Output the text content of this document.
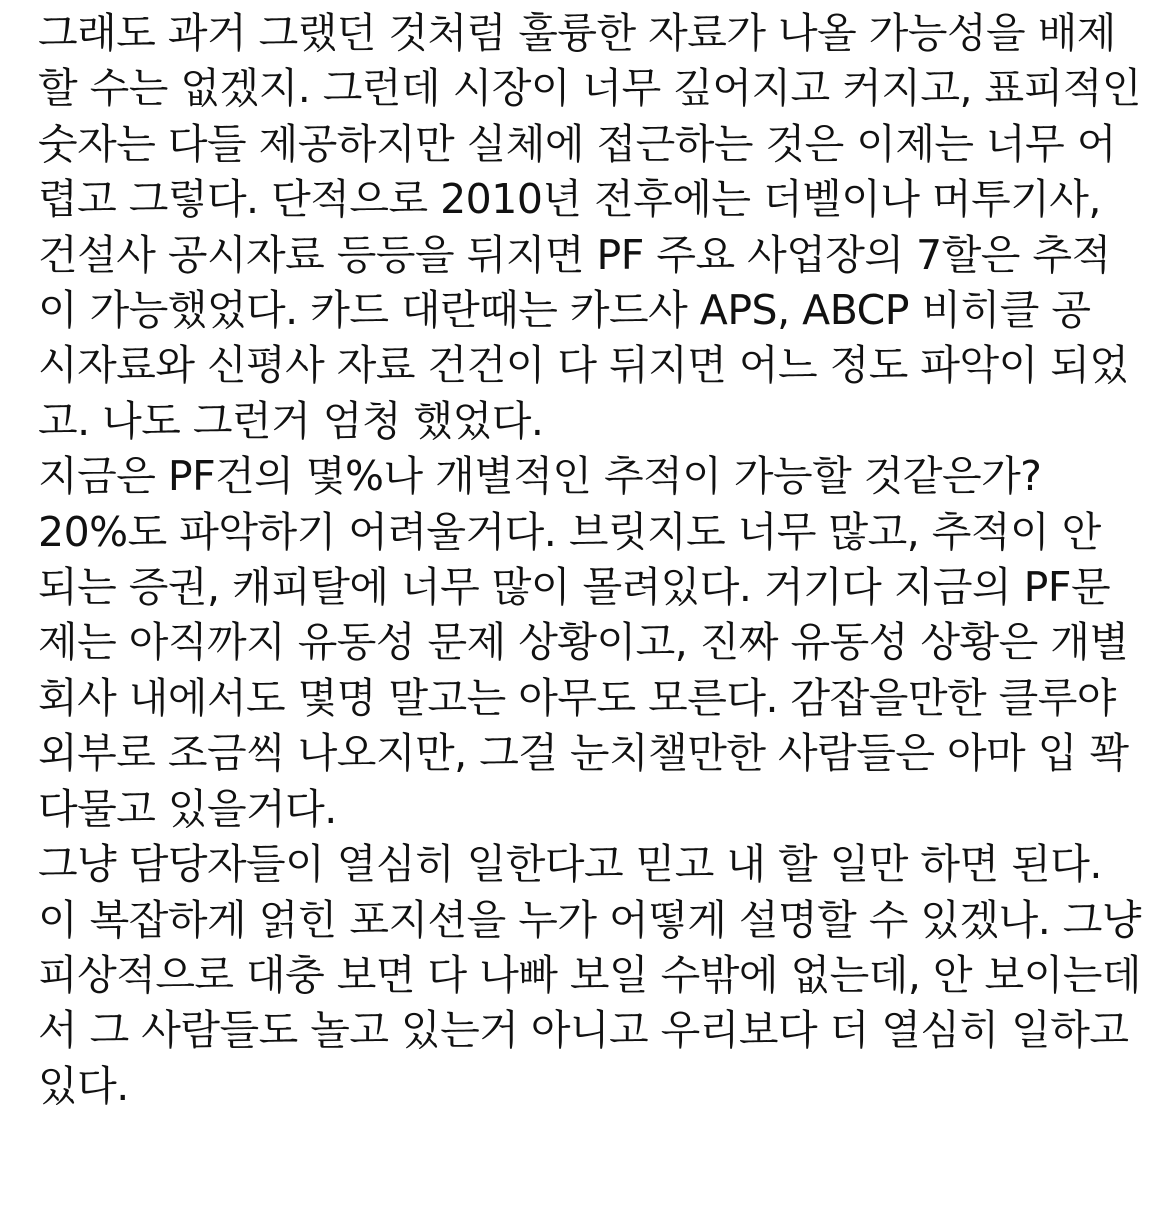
그래도 과거 그랬던 것처럼 훌륭한 자료가 나올 가능성을 배제
할 수는 없겠지. 그런데 시장이 너무 깊어지고 커지고, 표피적인
숫자는 다들 제공하지만 실체에 접근하는 것은 이제는 너무 어
렵고 그렇다. 단적으로 2010년 전후에는 더벨이나 머투기사,
건설사 공시자료 등등을 뒤지면 PF 주요 사업장의 7할은 추적
이 가능했었다. 카드 대란때는 카드사 APS, ABCP 비히클 공
시자료와 신평사 자료 건건이 다 뒤지면 어느 정도 파악이 되었
고. 나도 그런거 엄청 했었다.
지금은 PF건의 몇%나 개별적인 추적이 가능할 것같은가?
20%도 파악하기 어려울거다. 브릿지도 너무 많고, 추적이 안
되는 증권, 캐피탈에 너무 많이 몰려있다. 거기다 지금의 PF문
제는 아직까지 유동성 문제 상황이고, 진짜 유동성 상황은 개별
회사 내에서도 몇명 말고는 아무도 모른다. 감잡을만한 클루야
외부로 조금씩 나오지만, 그걸 눈치챌만한 사람들은 아마 입 꽉
다물고 있을거다.
그냥 담당자들이 열심히 일한다고 믿고 내 할 일만 하면 된다.
이 복잡하게 얽힌 포지션을 누가 어떻게 설명할 수 있겠나. 그냥
피상적으로 대충 보면 다 나빠 보일 수밖에 없는데, 안 보이는데
서 그 사람들도 놀고 있는거 아니고 우리보다 더 열심히 일하고
있다.
